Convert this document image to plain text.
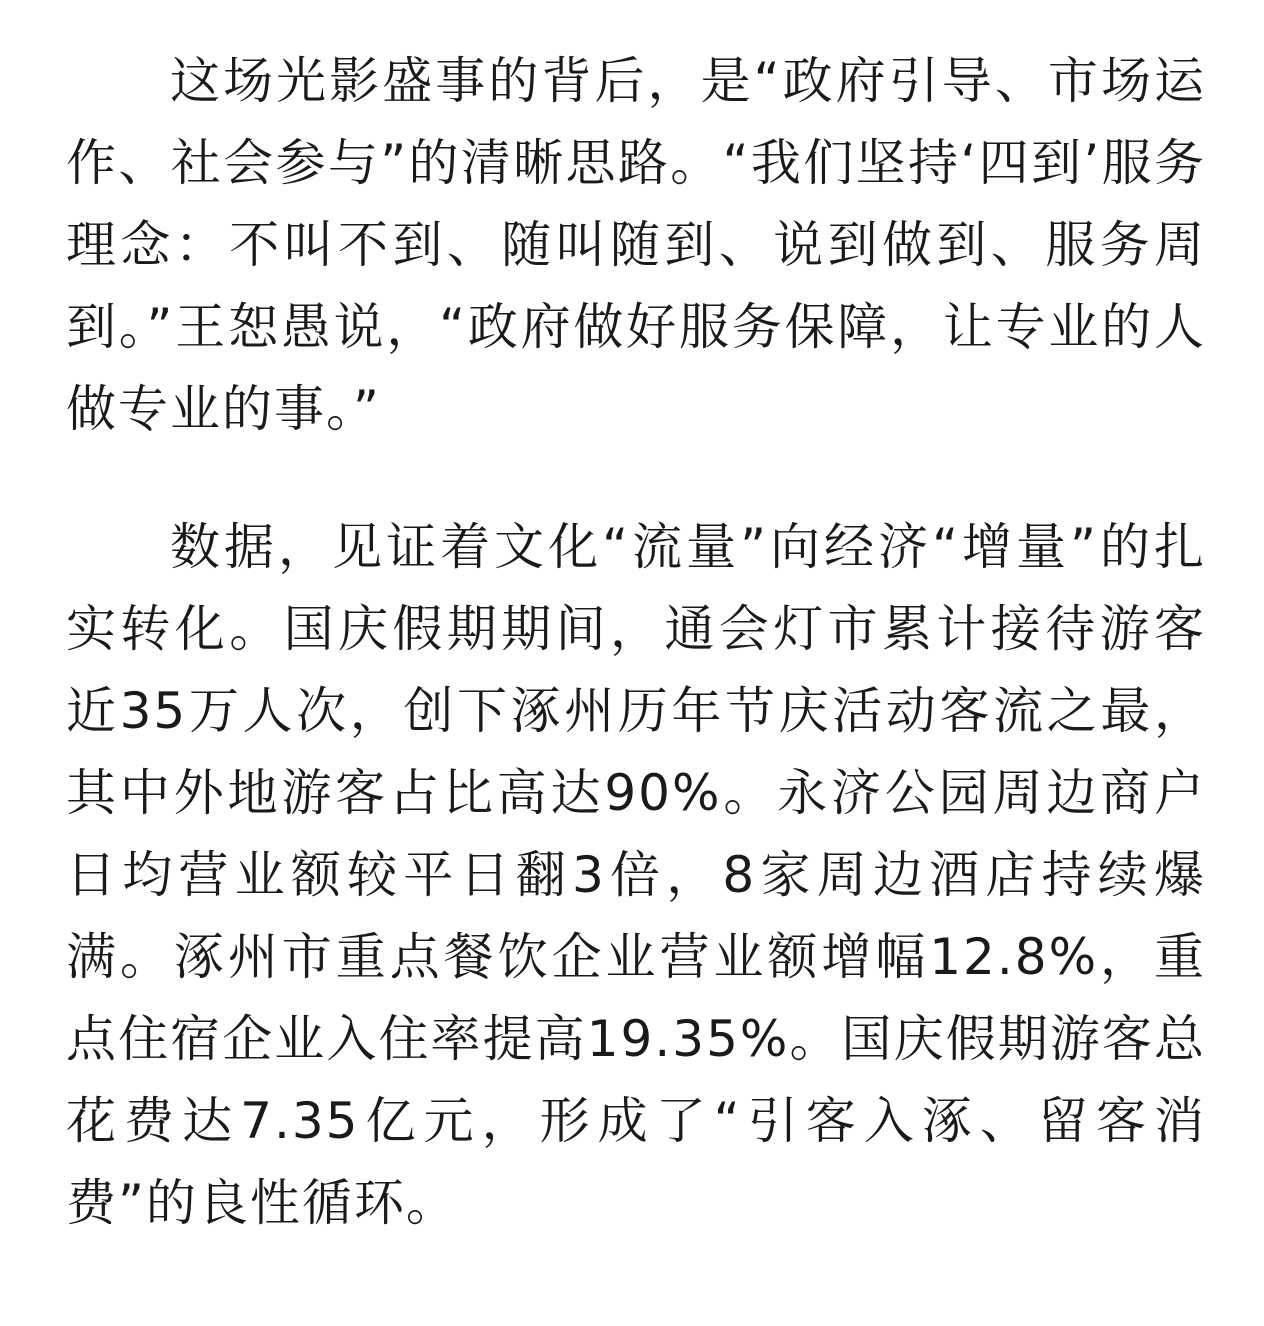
这场光影盛事的背后，是“政府引导、市场运作、社会参与”的清晰思路。“我们坚持‘四到’服务理念：不叫不到、随叫随到、说到做到、服务周到。”王恕愚说，“政府做好服务保障，让专业的人做专业的事。”

数据，见证着文化“流量”向经济“增量”的扎实转化。国庆假期期间，通会灯市累计接待游客近35万人次，创下涿州历年节庆活动客流之最，其中外地游客占比高达90%。永济公园周边商户日均营业额较平日翻3倍，8家周边酒店持续爆满。涿州市重点餐饮企业营业额增幅12.8%，重点住宿企业入住率提高19.35%。国庆假期游客总花费达7.35亿元，形成了“引客入涿、留客消费”的良性循环。
